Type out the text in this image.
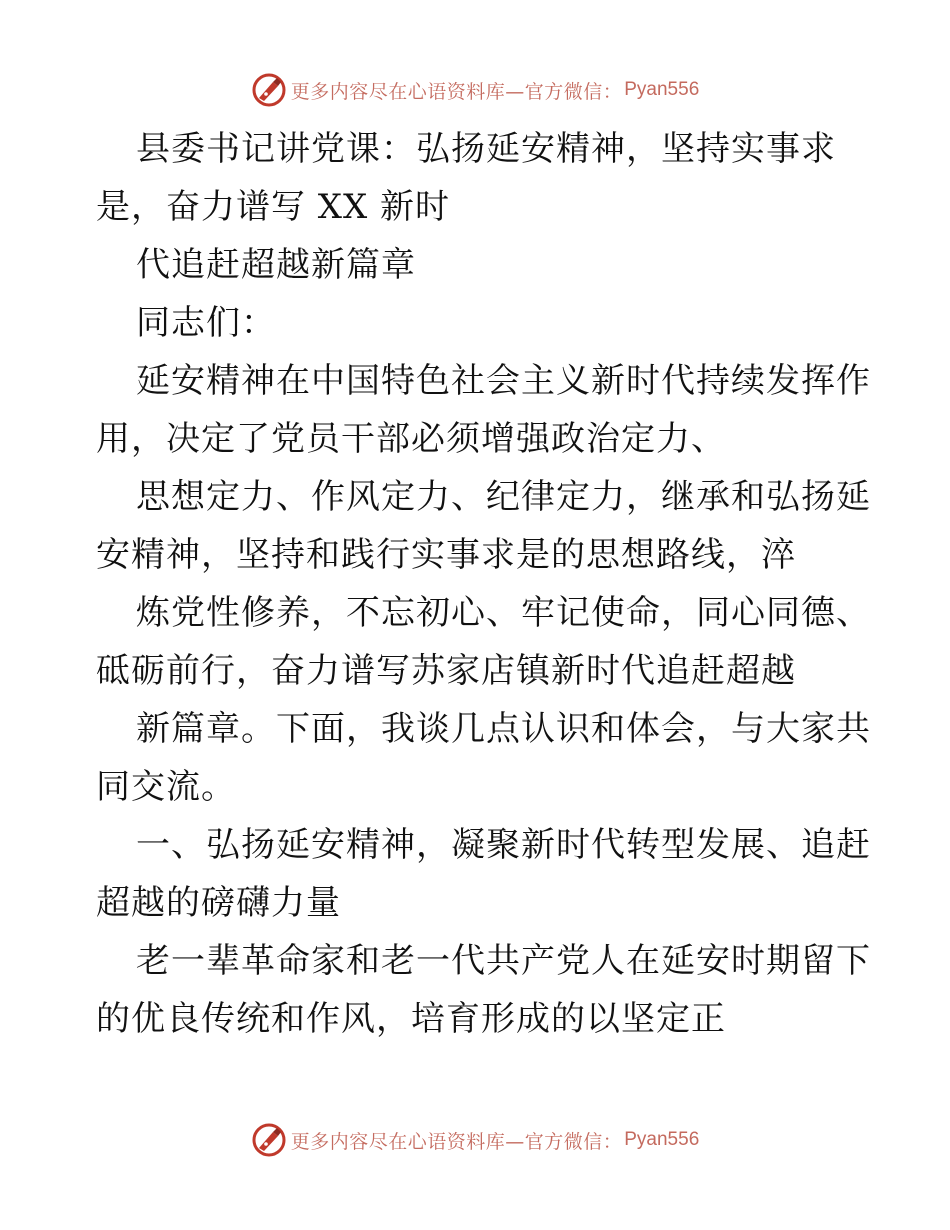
更多内容尽在心语资料库—官方微信： Pyan556
县委书记讲党课：弘扬延安精神，坚持实事求
是，奋力谱写 XX 新时
代追赶超越新篇章
同志们：
延安精神在中国特色社会主义新时代持续发挥作
用，决定了党员干部必须增强政治定力、
思想定力、作风定力、纪律定力，继承和弘扬延
安精神，坚持和践行实事求是的思想路线，淬
炼党性修养，不忘初心、牢记使命，同心同德、
砥砺前行，奋力谱写苏家店镇新时代追赶超越
新篇章。下面，我谈几点认识和体会，与大家共
同交流。
一、弘扬延安精神，凝聚新时代转型发展、追赶
超越的磅礴力量
老一辈革命家和老一代共产党人在延安时期留下
的优良传统和作风，培育形成的以坚定正
更多内容尽在心语资料库—官方微信： Pyan556
